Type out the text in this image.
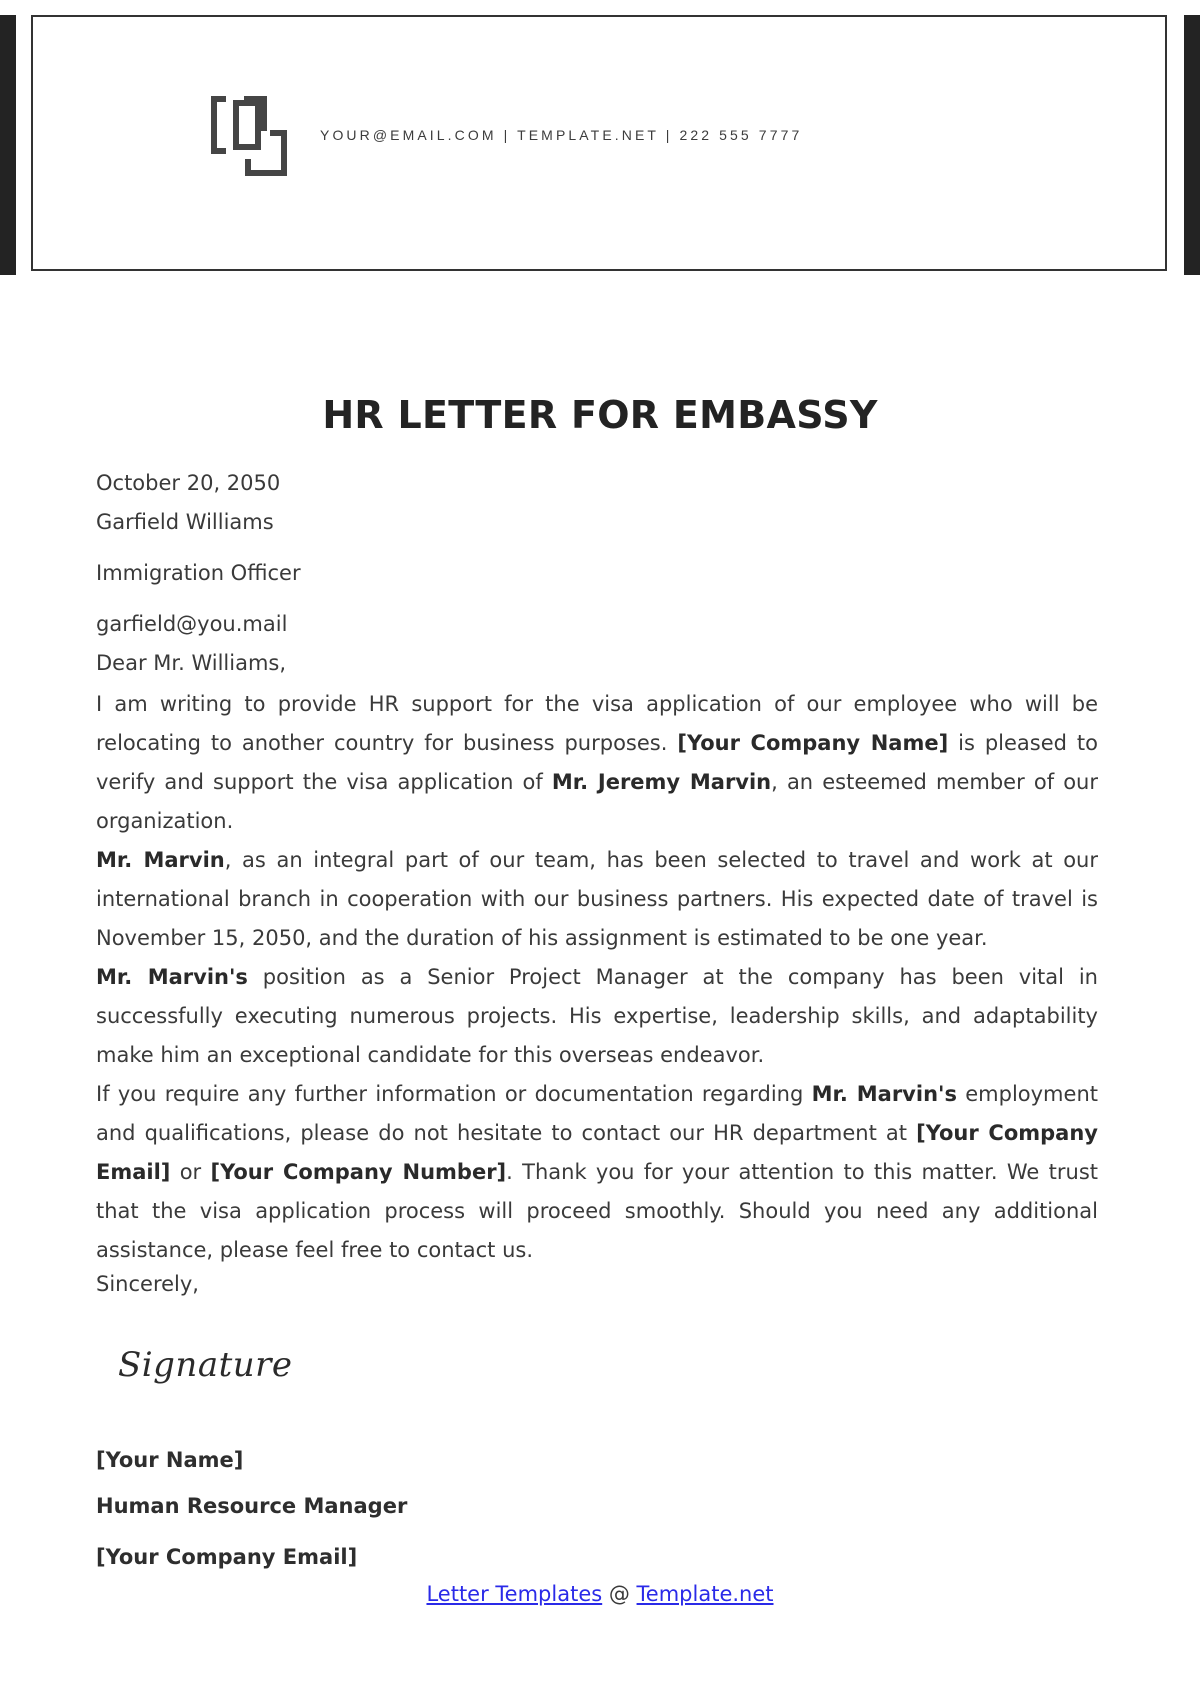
YOUR@EMAIL.COM | TEMPLATE.NET | 222 555 7777
HR LETTER FOR EMBASSY
October 20, 2050
Garfield Williams
Immigration Officer
garfield@you.mail
Dear Mr. Williams,

I am writing to provide HR support for the visa application of our employee who will be relocating to another country for business purposes. [Your Company Name] is pleased to verify and support the visa application of Mr. Jeremy Marvin, an esteemed member of our organization.

Mr. Marvin, as an integral part of our team, has been selected to travel and work at our international branch in cooperation with our business partners. His expected date of travel is November 15, 2050, and the duration of his assignment is estimated to be one year.

Mr. Marvin's position as a Senior Project Manager at the company has been vital in successfully executing numerous projects. His expertise, leadership skills, and adaptability make him an exceptional candidate for this overseas endeavor.

If you require any further information or documentation regarding Mr. Marvin's employment and qualifications, please do not hesitate to contact our HR department at [Your Company Email] or [Your Company Number]. Thank you for your attention to this matter. We trust that the visa application process will proceed smoothly. Should you need any additional assistance, please feel free to contact us.

Sincerely,
Signature
[Your Name]
Human Resource Manager
[Your Company Email]
Letter Templates @ Template.net
